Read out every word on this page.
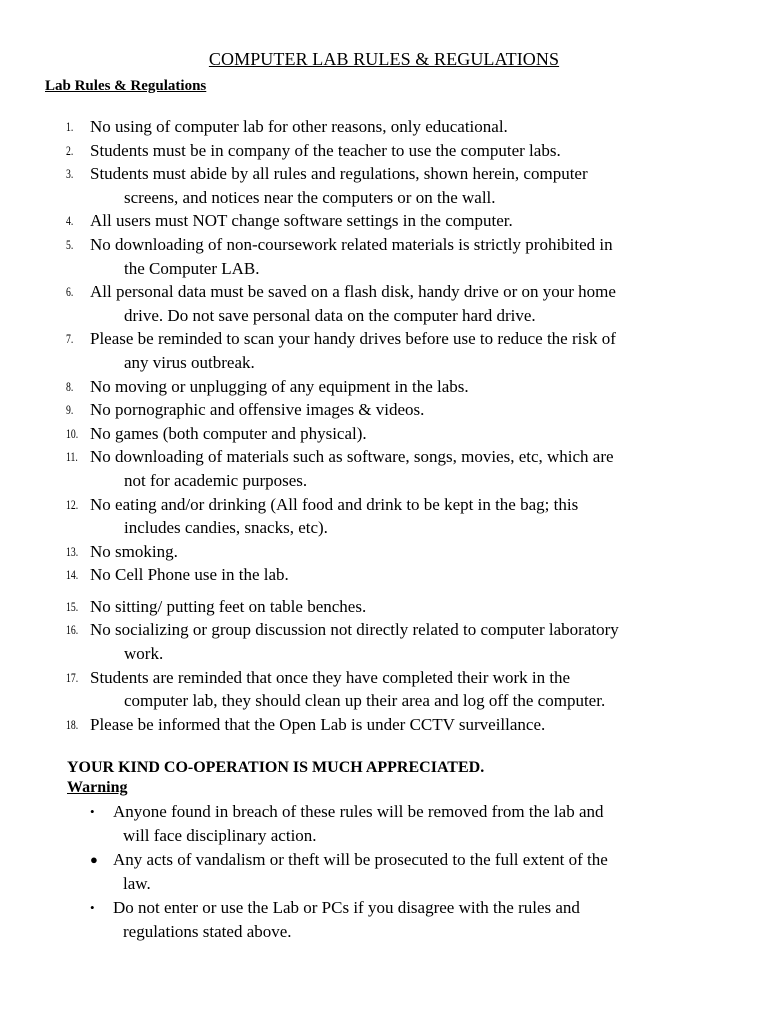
COMPUTER LAB RULES & REGULATIONS
Lab Rules & Regulations
1. No using of computer lab for other reasons, only educational.
2. Students must be in company of the teacher to use the computer labs.
3. Students must abide by all rules and regulations, shown herein, computer
screens, and notices near the computers or on the wall.
4. All users must NOT change software settings in the computer.
5. No downloading of non-coursework related materials is strictly prohibited in
the Computer LAB.
6. All personal data must be saved on a flash disk, handy drive or on your home
drive. Do not save personal data on the computer hard drive.
7. Please be reminded to scan your handy drives before use to reduce the risk of
any virus outbreak.
8. No moving or unplugging of any equipment in the labs.
9. No pornographic and offensive images & videos.
10. No games (both computer and physical).
11. No downloading of materials such as software, songs, movies, etc, which are
not for academic purposes.
12. No eating and/or drinking (All food and drink to be kept in the bag; this
includes candies, snacks, etc).
13. No smoking.
14. No Cell Phone use in the lab.
15. No sitting/ putting feet on table benches.
16. No socializing or group discussion not directly related to computer laboratory
work.
17. Students are reminded that once they have completed their work in the
computer lab, they should clean up their area and log off the computer.
18. Please be informed that the Open Lab is under CCTV surveillance.
YOUR KIND CO-OPERATION IS MUCH APPRECIATED.
Warning
• Anyone found in breach of these rules will be removed from the lab and
will face disciplinary action.
● Any acts of vandalism or theft will be prosecuted to the full extent of the
law.
• Do not enter or use the Lab or PCs if you disagree with the rules and
regulations stated above.
